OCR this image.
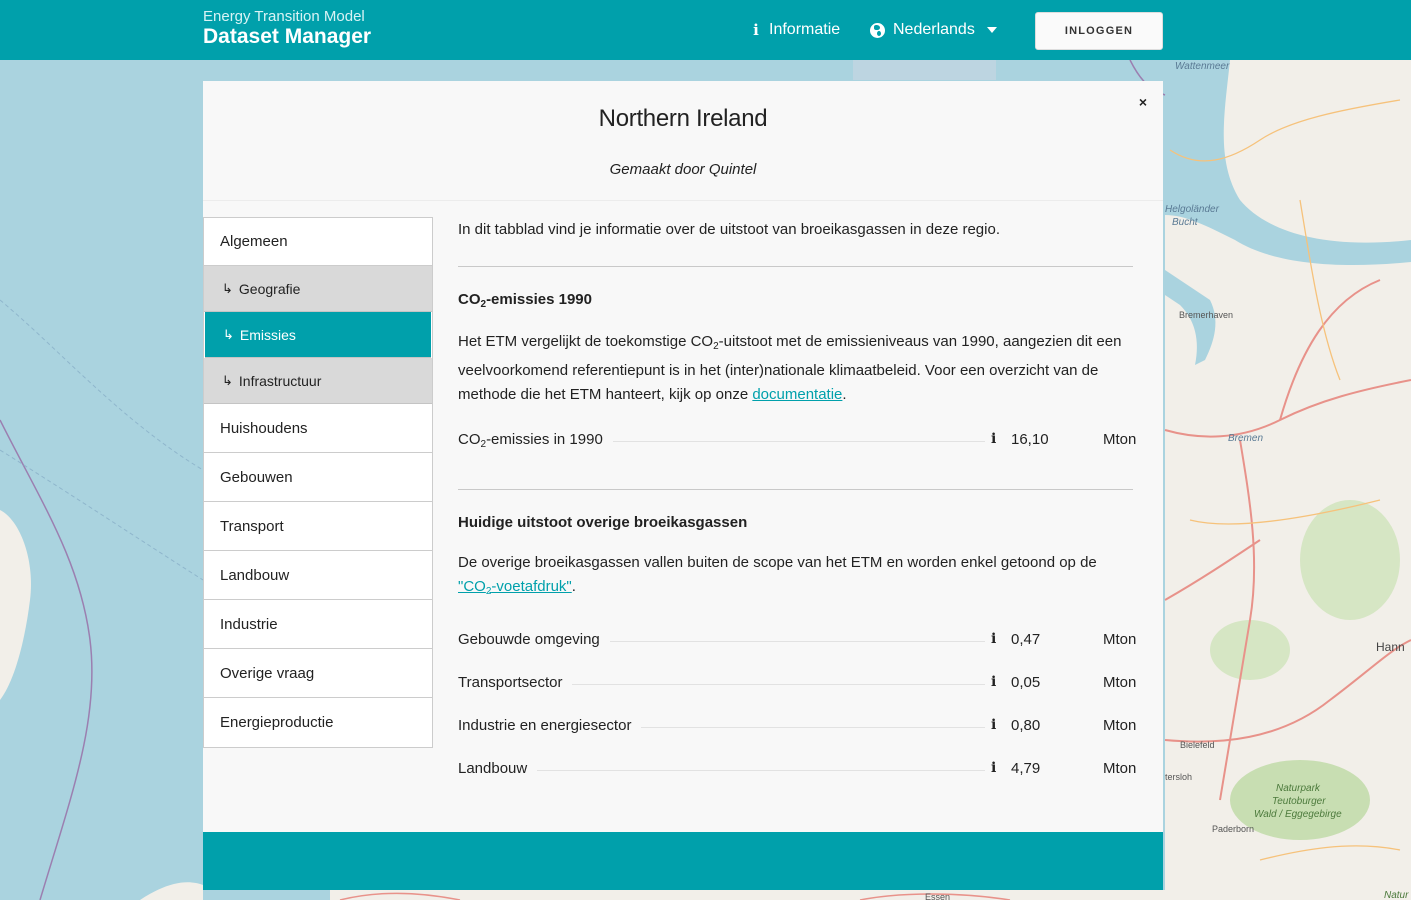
Wattenmeer
Helgoländer
Bucht
Bremen
Bremerhaven
Bielefeld
tersloh
Paderborn
Essen
Hann
Naturpark
Teutoburger
Wald / Eggegebirge
Natur
Energy Transition Model
Dataset Manager	i Informatie	Nederlands	INLOGGEN
Northern Ireland
Gemaakt door Quintel
×
Algemeen
↳ Geografie
↳ Emissies
↳ Infrastructuur
Huishoudens
Gebouwen
Transport
Landbouw
Industrie
Overige vraag
Energieproductie

In dit tabblad vind je informatie over de uitstoot van broeikasgassen in deze regio.

$CO_2$-emissies 1990

Het ETM vergelijkt de toekomstige $CO_2$-uitstoot met de emissieniveaus van 1990, aangezien dit een veelvoorkomend referentiepunt is in het (inter)nationale klimaatbeleid. Voor een overzicht van de methode die het ETM hanteert, kijk op onze documentatie.

$CO_2$-emissies in 1990	i 16,10	Mton
Huidige uitstoot overige broeikasgassen

De overige broeikasgassen vallen buiten de scope van het ETM en worden enkel getoond op de "$CO_2$-voetafdruk".

Gebouwde omgeving	i 0,47	Mton
Transportsector	i 0,05	Mton
Industrie en energiesector	i 0,80	Mton
Landbouw	i 4,79	Mton
